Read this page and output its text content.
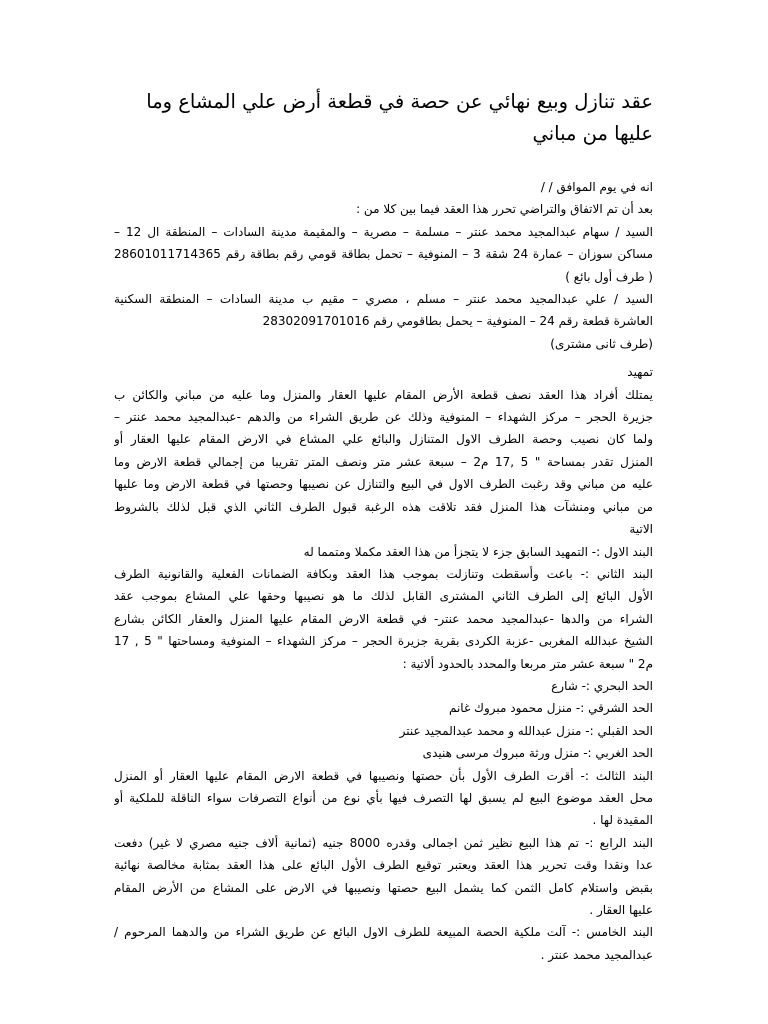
عقد تنازل وبيع نهائي عن حصة في قطعة أرض علي المشاع وما
عليها من مباني
انه في يوم الموافق / /
بعد أن تم الاتفاق والتراضي تحرر هذا العقد فيما بين كلا من :
السيد / سهام عبدالمجيد محمد عنتر – مسلمة – مصرية – والمقيمة مدينة السادات – المنطقة ال 12 –
مساكن سوزان – عمارة 24 شقة 3 – المنوفية – تحمل بطاقة قومي رقم بطاقة رقم 28601011714365
( طرف أول بائع )
السيد / علي عبدالمجيد محمد عنتر – مسلم ، مصري – مقيم ب مدينة السادات – المنطقة السكنية
العاشرة قطعة رقم 24 – المنوفية – يحمل بطاقومي رقم 28302091701016
(طرف ثانى مشترى)
تمهيد
يمتلك أفراد هذا العقد نصف قطعة الأرض المقام عليها العقار والمنزل وما عليه من مباني والكائن ب
جزيرة الحجر – مركز الشهداء – المنوفية وذلك عن طريق الشراء من والدهم -عبدالمجيد محمد عنتر –
ولما كان نصيب وحصة الطرف الاول المتنازل والبائع علي المشاع في الارض المقام عليها العقار أو
المنزل تقدر بمساحة " 5 ,17 م2 – سبعة عشر متر ونصف المتر تقريبا من إجمالي قطعة الارض وما
عليه من مباني وقد رغبت الطرف الاول في البيع والتنازل عن نصيبها وحصتها في قطعة الارض وما عليها
من مباني ومنشآت هذا المنزل فقد تلاقت هذه الرغبة قبول الطرف الثاني الذي قبل لذلك بالشروط
الاتية
البند الاول :- التمهيد السابق جزء لا يتجزأ من هذا العقد مكملا ومتمما له
البند الثاني :- باعت وأسقطت وتنازلت بموجب هذا العقد وبكافة الضمانات الفعلية والقانونية الطرف
الأول البائع إلى الطرف الثاني المشترى القابل لذلك ما هو نصيبها وحقها علي المشاع بموجب عقد
الشراء من والدها -عبدالمجيد محمد عنتر- في قطعة الارض المقام عليها المنزل والعقار الكائن بشارع
الشيخ عبدالله المغربى -عزبة الكردى بقرية جزيرة الحجر – مركز الشهداء – المنوفية ومساحتها " 5 , 17
م2 " سبعة عشر متر مربعا والمحدد بالحدود ألاتية :
الحد البحري :- شارع
الحد الشرقي :- منزل محمود مبروك غانم
الحد القبلي :- منزل عبدالله و محمد عبدالمجيد عنتر
الحد الغربي :- منزل ورثة مبروك مرسى هنيدى
البند الثالث :- أقرت الطرف الأول بأن حصتها ونصيبها في قطعة الارض المقام عليها العقار أو المنزل
محل العقد موضوع البيع لم يسبق لها التصرف فيها بأي نوع من أنواع التصرفات سواء الناقلة للملكية أو
المقيدة لها .
البند الرابع :- تم هذا البيع نظير ثمن اجمالى وقدره 8000 جنيه (ثمانية ألاف جنيه مصري لا غير) دفعت
عدا ونقدا وقت تحرير هذا العقد ويعتبر توقيع الطرف الأول البائع على هذا العقد بمثابة مخالصة نهائية
بقبض واستلام كامل الثمن كما يشمل البيع حصتها ونصيبها في الارض على المشاع من الأرض المقام
عليها العقار .
البند الخامس :- آلت ملكية الحصة المبيعة للطرف الاول البائع عن طريق الشراء من والدهما المرحوم /
عبدالمجيد محمد عنتر .
